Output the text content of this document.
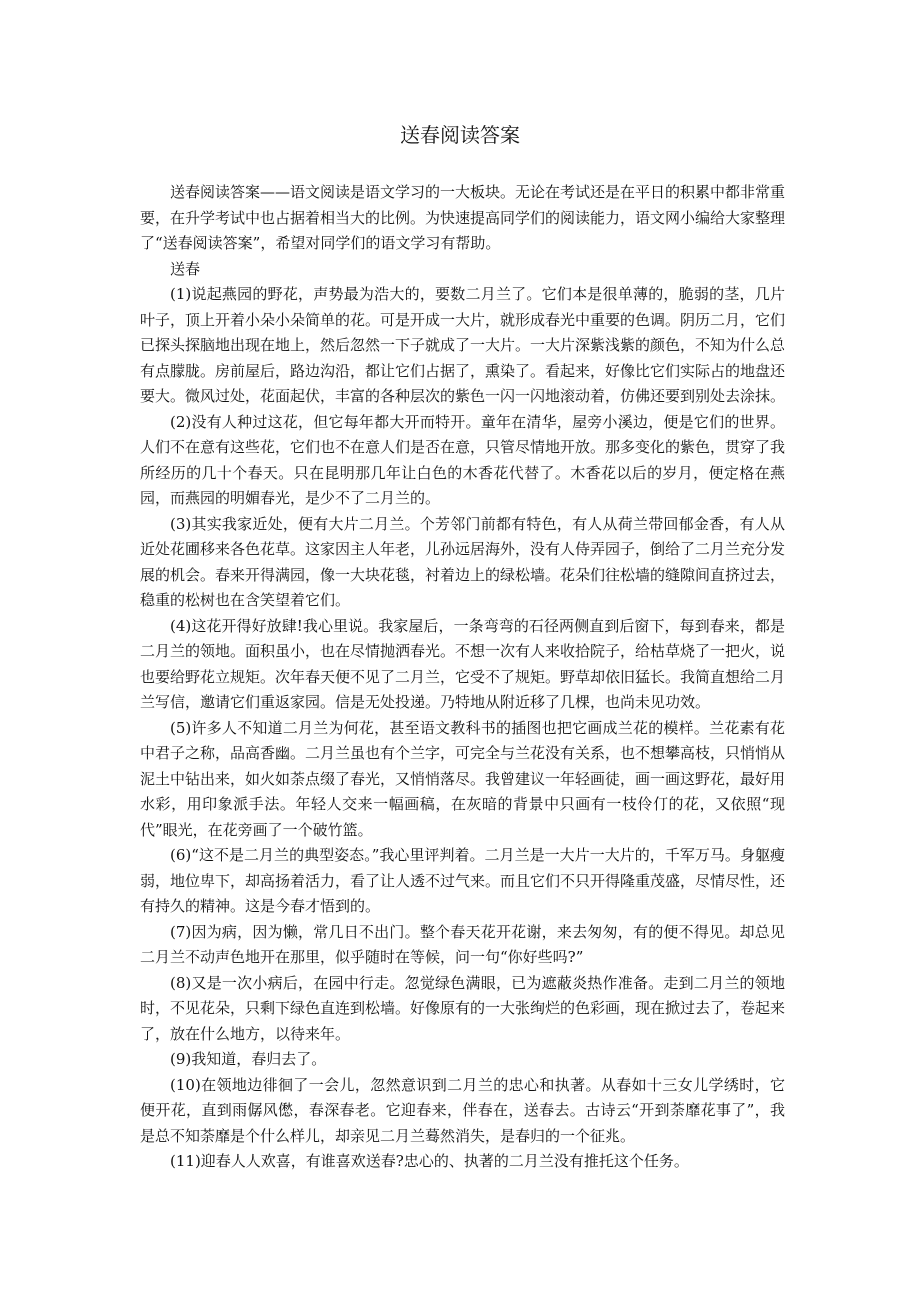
送春阅读答案

送春阅读答案——语文阅读是语文学习的一大板块。无论在考试还是在平日的积累中都非常重要，在升学考试中也占据着相当大的比例。为快速提高同学们的阅读能力，语文网小编给大家整理了“送春阅读答案”，希望对同学们的语文学习有帮助。

送春

(1)说起燕园的野花，声势最为浩大的，要数二月兰了。它们本是很单薄的，脆弱的茎，几片叶子，顶上开着小朵小朵简单的花。可是开成一大片，就形成春光中重要的色调。阴历二月，它们已探头探脑地出现在地上，然后忽然一下子就成了一大片。一大片深紫浅紫的颜色，不知为什么总有点朦胧。房前屋后，路边沟沿，都让它们占据了，熏染了。看起来，好像比它们实际占的地盘还要大。微风过处，花面起伏，丰富的各种层次的紫色一闪一闪地滚动着，仿佛还要到别处去涂抹。

(2)没有人种过这花，但它每年都大开而特开。童年在清华，屋旁小溪边，便是它们的世界。人们不在意有这些花，它们也不在意人们是否在意，只管尽情地开放。那多变化的紫色，贯穿了我所经历的几十个春天。只在昆明那几年让白色的木香花代替了。木香花以后的岁月，便定格在燕园，而燕园的明媚春光，是少不了二月兰的。

(3)其实我家近处，便有大片二月兰。个芳邻门前都有特色，有人从荷兰带回郁金香，有人从近处花圃移来各色花草。这家因主人年老，儿孙远居海外，没有人侍弄园子，倒给了二月兰充分发展的机会。春来开得满园，像一大块花毯，衬着边上的绿松墙。花朵们往松墙的缝隙间直挤过去，稳重的松树也在含笑望着它们。

(4)这花开得好放肆!我心里说。我家屋后，一条弯弯的石径两侧直到后窗下，每到春来，都是二月兰的领地。面积虽小，也在尽情抛洒春光。不想一次有人来收拾院子，给枯草烧了一把火，说也要给野花立规矩。次年春天便不见了二月兰，它受不了规矩。野草却依旧猛长。我简直想给二月兰写信，邀请它们重返家园。信是无处投递。乃特地从附近移了几棵，也尚未见功效。

(5)许多人不知道二月兰为何花，甚至语文教科书的插图也把它画成兰花的模样。兰花素有花中君子之称，品高香幽。二月兰虽也有个兰字，可完全与兰花没有关系，也不想攀高枝，只悄悄从泥土中钻出来，如火如荼点缀了春光，又悄悄落尽。我曾建议一年轻画徒，画一画这野花，最好用水彩，用印象派手法。年轻人交来一幅画稿，在灰暗的背景中只画有一枝伶仃的花，又依照“现代”眼光，在花旁画了一个破竹篮。

(6)“这不是二月兰的典型姿态。”我心里评判着。二月兰是一大片一大片的，千军万马。身躯瘦弱，地位卑下，却高扬着活力，看了让人透不过气来。而且它们不只开得隆重茂盛，尽情尽性，还有持久的精神。这是今春才悟到的。

(7)因为病，因为懒，常几日不出门。整个春天花开花谢，来去匆匆，有的便不得见。却总见二月兰不动声色地开在那里，似乎随时在等候，问一句“你好些吗?”

(8)又是一次小病后，在园中行走。忽觉绿色满眼，已为遮蔽炎热作准备。走到二月兰的领地时，不见花朵，只剩下绿色直连到松墙。好像原有的一大张绚烂的色彩画，现在掀过去了，卷起来了，放在什么地方，以待来年。

(9)我知道，春归去了。

(10)在领地边徘徊了一会儿，忽然意识到二月兰的忠心和执著。从春如十三女儿学绣时，它便开花，直到雨僝风僽，春深春老。它迎春来，伴春在，送春去。古诗云“开到荼靡花事了”，我是总不知荼靡是个什么样儿，却亲见二月兰蓦然消失，是春归的一个征兆。

(11)迎春人人欢喜，有谁喜欢送春?忠心的、执著的二月兰没有推托这个任务。
